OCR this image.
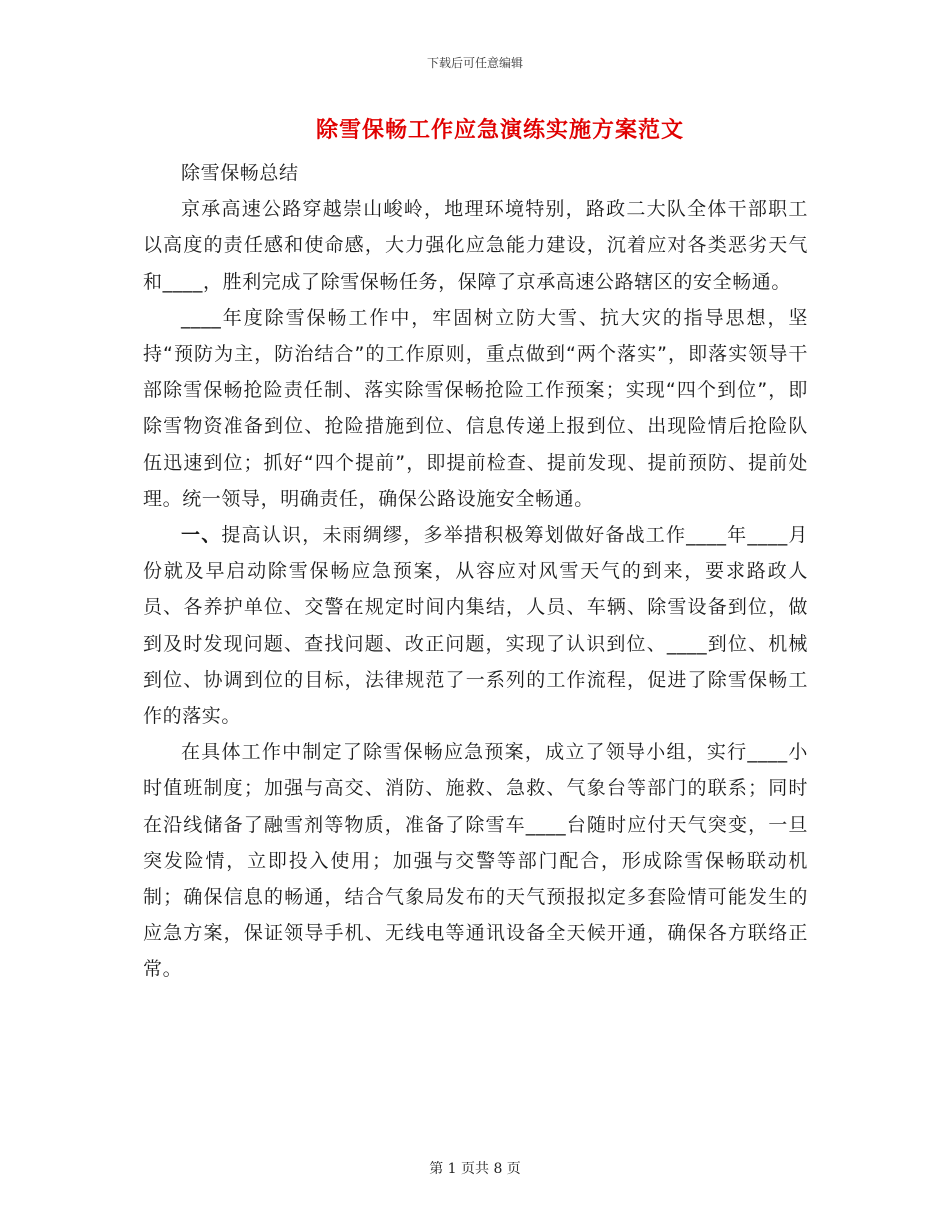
下载后可任意编辑
除雪保畅工作应急演练实施方案范文

除雪保畅总结

京承高速公路穿越崇山峻岭，地理环境特别，路政二大队全体干部职工以高度的责任感和使命感，大力强化应急能力建设，沉着应对各类恶劣天气和____，胜利完成了除雪保畅任务，保障了京承高速公路辖区的安全畅通。

____年度除雪保畅工作中，牢固树立防大雪、抗大灾的指导思想，坚持“预防为主，防治结合”的工作原则，重点做到“两个落实”，即落实领导干部除雪保畅抢险责任制、落实除雪保畅抢险工作预案；实现“四个到位”，即除雪物资准备到位、抢险措施到位、信息传递上报到位、出现险情后抢险队伍迅速到位；抓好“四个提前”，即提前检查、提前发现、提前预防、提前处理。统一领导，明确责任，确保公路设施安全畅通。

一、提高认识，未雨绸缪，多举措积极筹划做好备战工作____年____月份就及早启动除雪保畅应急预案，从容应对风雪天气的到来，要求路政人员、各养护单位、交警在规定时间内集结，人员、车辆、除雪设备到位，做到及时发现问题、查找问题、改正问题，实现了认识到位、____到位、机械到位、协调到位的目标，法律规范了一系列的工作流程，促进了除雪保畅工作的落实。

在具体工作中制定了除雪保畅应急预案，成立了领导小组，实行____小时值班制度；加强与高交、消防、施救、急救、气象台等部门的联系；同时在沿线储备了融雪剂等物质，准备了除雪车____台随时应付天气突变，一旦突发险情，立即投入使用；加强与交警等部门配合，形成除雪保畅联动机制；确保信息的畅通，结合气象局发布的天气预报拟定多套险情可能发生的应急方案，保证领导手机、无线电等通讯设备全天候开通，确保各方联络正常。

第 1 页共 8 页
